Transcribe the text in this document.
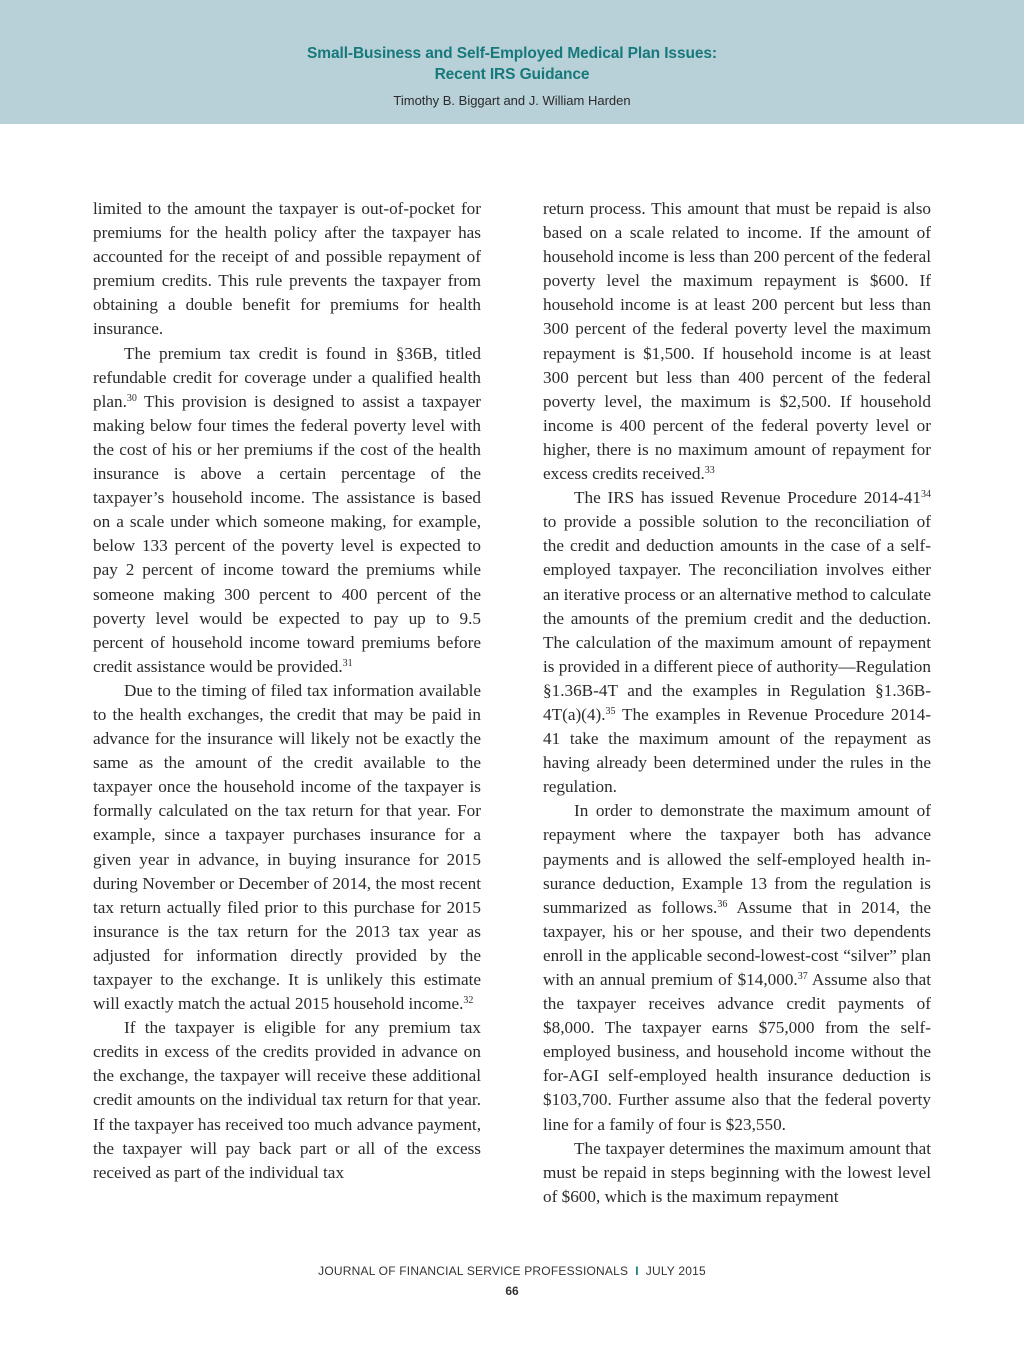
Small-Business and Self-Employed Medical Plan Issues:
Recent IRS Guidance
Timothy B. Biggart and J. William Harden

limited to the amount the taxpayer is out-of-pocket for premiums for the health policy after the taxpayer has accounted for the receipt of and possible repayment of premium credits. This rule prevents the taxpayer from obtaining a double benefit for premiums for health insurance.

The premium tax credit is found in §36B, titled refundable credit for coverage under a qualified health plan.$^{30}$ This provision is designed to assist a taxpayer making below four times the federal poverty level with the cost of his or her premiums if the cost of the health insurance is above a certain percentage of the taxpayer’s household income. The assistance is based on a scale under which someone making, for example, below 133 percent of the poverty level is expected to pay 2 percent of income toward the premiums while someone making 300 percent to 400 percent of the poverty level would be expected to pay up to 9.5 percent of household income toward premiums before credit assistance would be provided.$^{31}$

Due to the timing of filed tax information available to the health exchanges, the credit that may be paid in advance for the insurance will likely not be exactly the same as the amount of the credit available to the taxpayer once the household income of the taxpayer is formally calculated on the tax return for that year. For example, since a taxpayer purchases insurance for a given year in advance, in buying insurance for 2015 during November or December of 2014, the most recent tax return actually filed prior to this purchase for 2015 insurance is the tax return for the 2013 tax year as adjusted for information directly provided by the taxpayer to the exchange. It is unlikely this estimate will exactly match the actual 2015 household income.$^{32}$

If the taxpayer is eligible for any premium tax credits in excess of the credits provided in advance on the exchange, the taxpayer will receive these additional credit amounts on the individual tax return for that year. If the taxpayer has received too much advance payment, the taxpayer will pay back part or all of the excess received as part of the individual tax

return process. This amount that must be repaid is also based on a scale related to income. If the amount of household income is less than 200 percent of the federal poverty level the maximum repayment is $600. If household income is at least 200 percent but less than 300 percent of the federal poverty level the maximum repayment is $1,500. If household income is at least 300 percent but less than 400 percent of the federal poverty level, the maximum is $2,500. If household income is 400 percent of the federal poverty level or higher, there is no maximum amount of repayment for excess credits received.$^{33}$

The IRS has issued Revenue Procedure $2014-41^{34}$ to provide a possible solution to the reconciliation of the credit and deduction amounts in the case of a self-employed taxpayer. The reconciliation involves either an iterative process or an alternative method to calculate the amounts of the premium credit and the deduction. The calculation of the maximum amount of repayment is provided in a different piece of authority—Regulation §1.36B-4T and the examples in Regulation §1.36B-4T(a)(4).$^{35}$ The examples in Revenue Procedure 2014-41 take the maximum amount of the repayment as having already been determined under the rules in the regulation.

In order to demonstrate the maximum amount of repayment where the taxpayer both has advance payments and is allowed the self-employed health insurance deduction, Example 13 from the regulation is summarized as follows.$^{36}$ Assume that in 2014, the taxpayer, his or her spouse, and their two dependents enroll in the applicable second-lowest-cost “silver” plan with an annual premium of $14,000.37 Assume also that the taxpayer receives advance credit payments of $8,000. The taxpayer earns $75,000 from the self-employed business, and household income without the for-AGI self-employed health insurance deduction is $103,700. Further assume also that the federal poverty line for a family of four is $23,550.

The taxpayer determines the maximum amount that must be repaid in steps beginning with the lowest level of $600, which is the maximum repayment

JOURNAL OF FINANCIAL SERVICE PROFESSIONALS I JULY 2015
66
